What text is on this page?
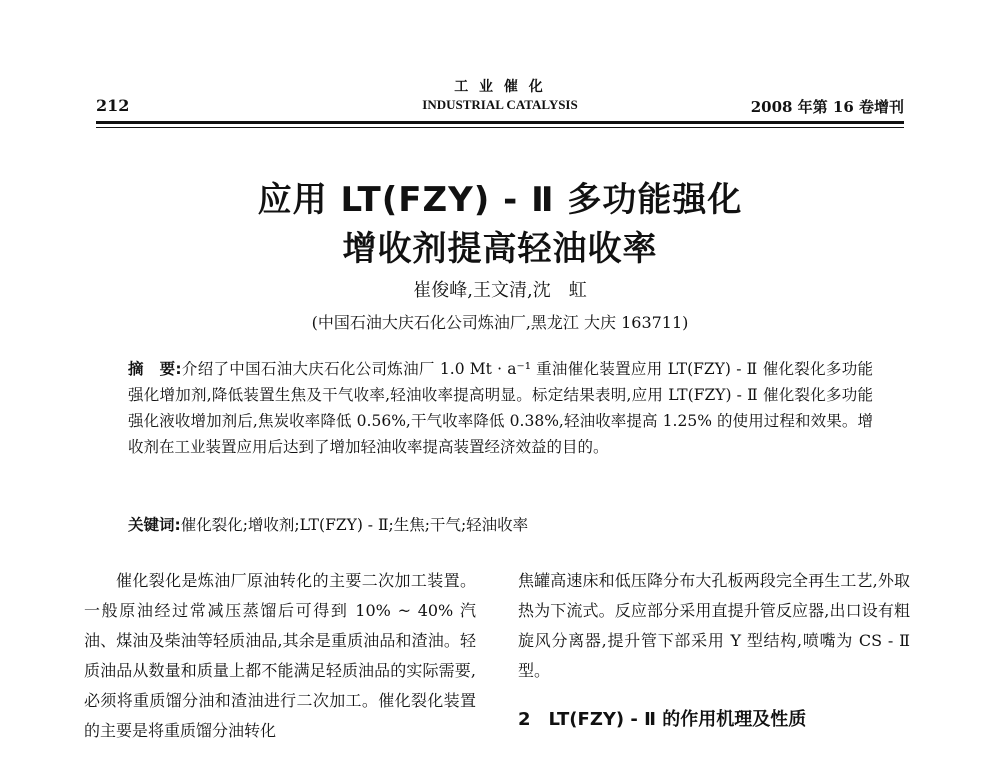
212
工 业 催 化
INDUSTRIAL CATALYSIS	2008 年第 16 卷增刊
应用 LT(FZY) - Ⅱ 多功能强化
增收剂提高轻油收率
崔俊峰,王文清,沈　虹
(中国石油大庆石化公司炼油厂,黑龙江 大庆 163711)

摘　要:介绍了中国石油大庆石化公司炼油厂 1.0 Mt · a⁻¹ 重油催化装置应用 LT(FZY) - Ⅱ 催化裂化多功能强化增加剂,降低装置生焦及干气收率,轻油收率提高明显。标定结果表明,应用 LT(FZY) - Ⅱ 催化裂化多功能强化液收增加剂后,焦炭收率降低 0.56%,干气收率降低 0.38%,轻油收率提高 1.25% 的使用过程和效果。增收剂在工业装置应用后达到了增加轻油收率提高装置经济效益的目的。

关键词:催化裂化;增收剂;LT(FZY) - Ⅱ;生焦;干气;轻油收率

催化裂化是炼油厂原油转化的主要二次加工装置。一般原油经过常减压蒸馏后可得到 10% ~ 40% 汽油、煤油及柴油等轻质油品,其余是重质油品和渣油。轻质油品从数量和质量上都不能满足轻质油品的实际需要,必须将重质馏分油和渣油进行二次加工。催化裂化装置的主要是将重质馏分油转化

焦罐高速床和低压降分布大孔板两段完全再生工艺,外取热为下流式。反应部分采用直提升管反应器,出口设有粗旋风分离器,提升管下部采用 Y 型结构,喷嘴为 CS - Ⅱ 型。

2　LT(FZY) - Ⅱ 的作用机理及性质
